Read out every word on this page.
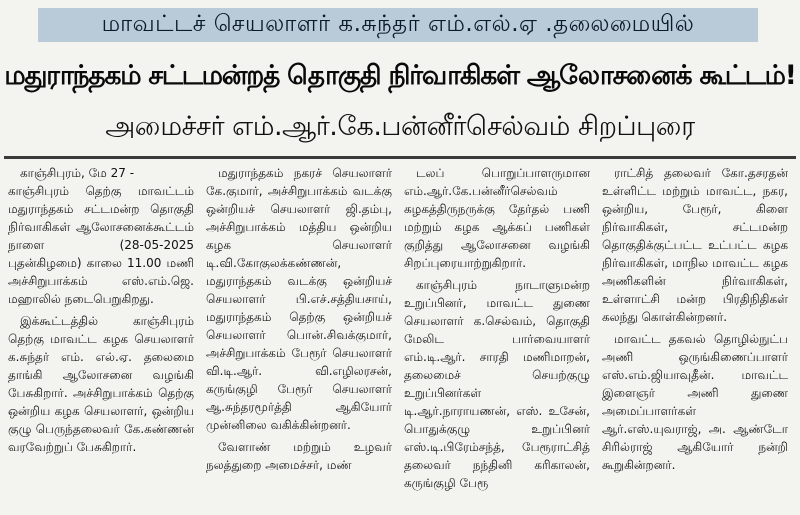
மாவட்டச் செயலாளர் க.சுந்தர் எம்.எல்.ஏ .தலைமையில்
மதுராந்தகம் சட்டமன்றத் தொகுதி நிர்வாகிகள் ஆலோசனைக் கூட்டம்!
அமைச்சர் எம்.ஆர்.கே.பன்னீர்செல்வம் சிறப்புரை

காஞ்சிபுரம், மே 27 -
காஞ்சிபுரம் தெற்கு மாவட்டம் மதுராந்தகம் சட்டமன்ற தொகுதி நிர்வாகிகள் ஆலோசனைக்கூட்டம் நாளை (28-05-2025 புதன்கிழமை) காலை 11.00 மணி அச்சிறுபாக்கம் எஸ்.எம்.ஜெ. மஹாலில் நடைபெறுகிறது.

இக்கூட்டத்தில் காஞ்சிபுரம் தெற்கு மாவட்ட கழக செயலாளர் க.சுந்தர் எம். எல்.ஏ. தலைமை தாங்கி ஆலோசனை வழங்கி பேசுகிறார். அச்சிறுபாக்கம் தெற்கு ஒன்றிய கழக செயலாளர், ஒன்றிய குழு பெருந்தலைவர் கே.கண்ணன் வரவேற்றுப் பேசுகிறார்.

மதுராந்தகம் நகரச் செயலாளர் கே.குமார், அச்சிறுபாக்கம் வடக்கு ஒன்றியச் செயலாளர் ஜி.தம்பு, அச்சிறுபாக்கம் மத்திய ஒன்றிய கழக செயலாளர் டி.வி.கோகுலக்கண்ணன், மதுராந்தகம் வடக்கு ஒன்றியச் செயலாளர் பி.எச்.சத்தியசாய், மதுராந்தகம் தெற்கு ஒன்றியச் செயலாளர் பொன்.சிவக்குமார், அச்சிறுபாக்கம் பேரூர் செயலாளர் வி.டி.ஆர். வி.எழிலரசன், கருங்குழி பேரூர் செயலாளர் ஆ.சுந்தரமூர்த்தி ஆகியோர் முன்னிலை வகிக்கின்றனர்.

வேளாண் மற்றும் உழவர் நலத்துறை அமைச்சர், மண்

டலப் பொறுப்பாளருமான எம்.ஆர்.கே.பன்னீர்செல்வம் கழகத்திருநருக்கு தேர்தல் பணி மற்றும் கழக ஆக்கப் பணிகள் குறித்து ஆலோசனை வழங்கி சிறப்புரையாற்றுகிறார்.

காஞ்சிபுரம் நாடாளுமன்ற உறுப்பினர், மாவட்ட துணை செயலாளர் க.செல்வம், தொகுதி மேலிட பார்வையாளர் எம்.டி.ஆர். சாரதி மணிமாறன், தலைமைச் செயற்குழு உறுப்பினர்கள் டி.ஆர்.நாராயணன், எஸ். உசேன், பொதுக்குழு உறுப்பினர் எஸ்.டி.பிரேம்சந்த், பேரூராட்சித் தலைவர் நந்தினி கரிகாலன், கருங்குழி பேரூ

ராட்சித் தலைவர் கோ.தசரதன் உள்ளிட்ட மற்றும் மாவட்ட, நகர, ஒன்றிய, பேரூர், கிளை நிர்வாகிகள், சட்டமன்ற தொகுதிக்குட்பட்ட உட்பட்ட கழக நிர்வாகிகள், மாநில மாவட்ட கழக அணிகளின் நிர்வாகிகள், உள்ளாட்சி மன்ற பிரதிநிதிகள் கலந்து கொள்கின்றனர்.

மாவட்ட தகவல் தொழில்நுட்ப அணி ஒருங்கிணைப்பாளர் எஸ்.எம்.ஜியாவுதீன். மாவட்ட இளைஞர் அணி துணை அமைப்பாளர்கள் ஆர்.எஸ்.யுவராஜ், அ. ஆண்டோ சிரில்ராஜ் ஆகியோர் நன்றி கூறுகின்றனர்.
